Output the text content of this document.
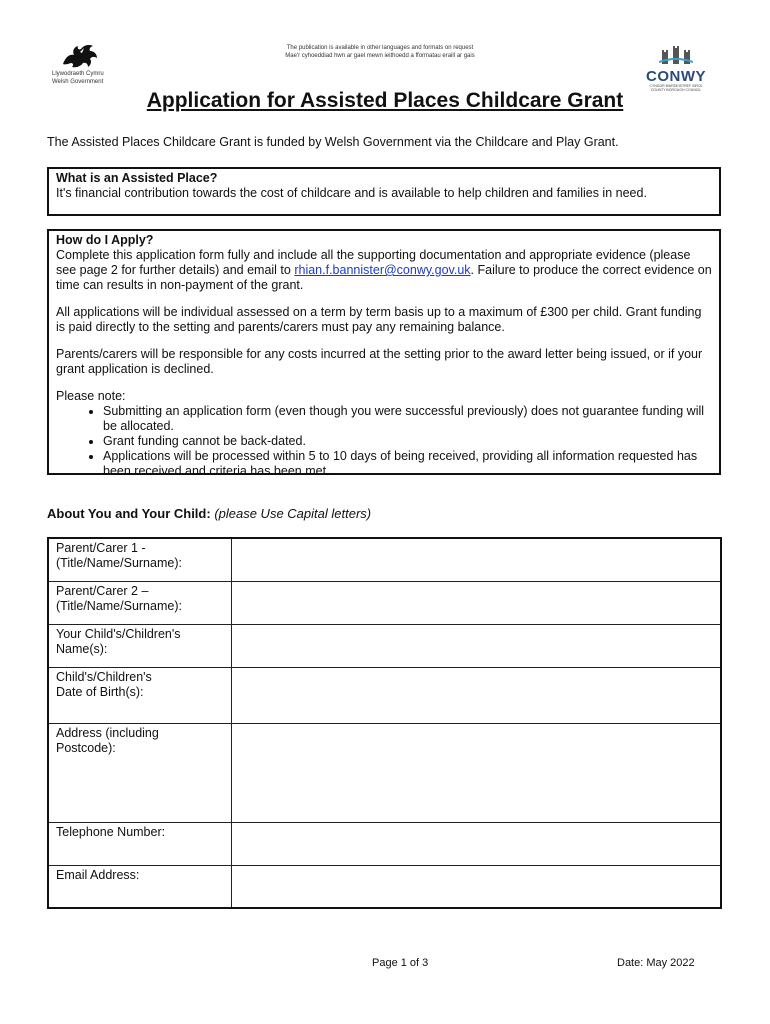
Llywodraeth Cymru
Welsh Government
The publication is available in other languages and formats on request
Mae'r cyhoeddiad hwn ar gael mewn ieithoedd a fformatau eraill ar gais
CONWY
CYNGOR BWRDEISTREF SIROL
COUNTY BOROUGH COUNCIL
Application for Assisted Places Childcare Grant
The Assisted Places Childcare Grant is funded by Welsh Government via the Childcare and Play Grant.
What is an Assisted Place?
It's financial contribution towards the cost of childcare and is available to help children and families in need.
How do I Apply?

Complete this application form fully and include all the supporting documentation and appropriate evidence (please see page 2 for further details) and email to rhian.f.bannister@conwy.gov.uk. Failure to produce the correct evidence on time can results in non-payment of the grant.

All applications will be individual assessed on a term by term basis up to a maximum of £300 per child. Grant funding is paid directly to the setting and parents/carers must pay any remaining balance.

Parents/carers will be responsible for any costs incurred at the setting prior to the award letter being issued, or if your grant application is declined.

Please note:

• Submitting an application form (even though you were successful previously) does not guarantee funding will be allocated.
• Grant funding cannot be back-dated.
• Applications will be processed within 5 to 10 days of being received, providing all information requested has been received and criteria has been met.
About You and Your Child: (please Use Capital letters)
Parent/Carer 1 -
(Title/Name/Surname):	
Parent/Carer 2 –
(Title/Name/Surname):	
Your Child's/Children's
Name(s):	
Child's/Children's
Date of Birth(s):	
Address (including
Postcode):	
Telephone Number:	
Email Address:	
Page 1 of 3	Date: May 2022
